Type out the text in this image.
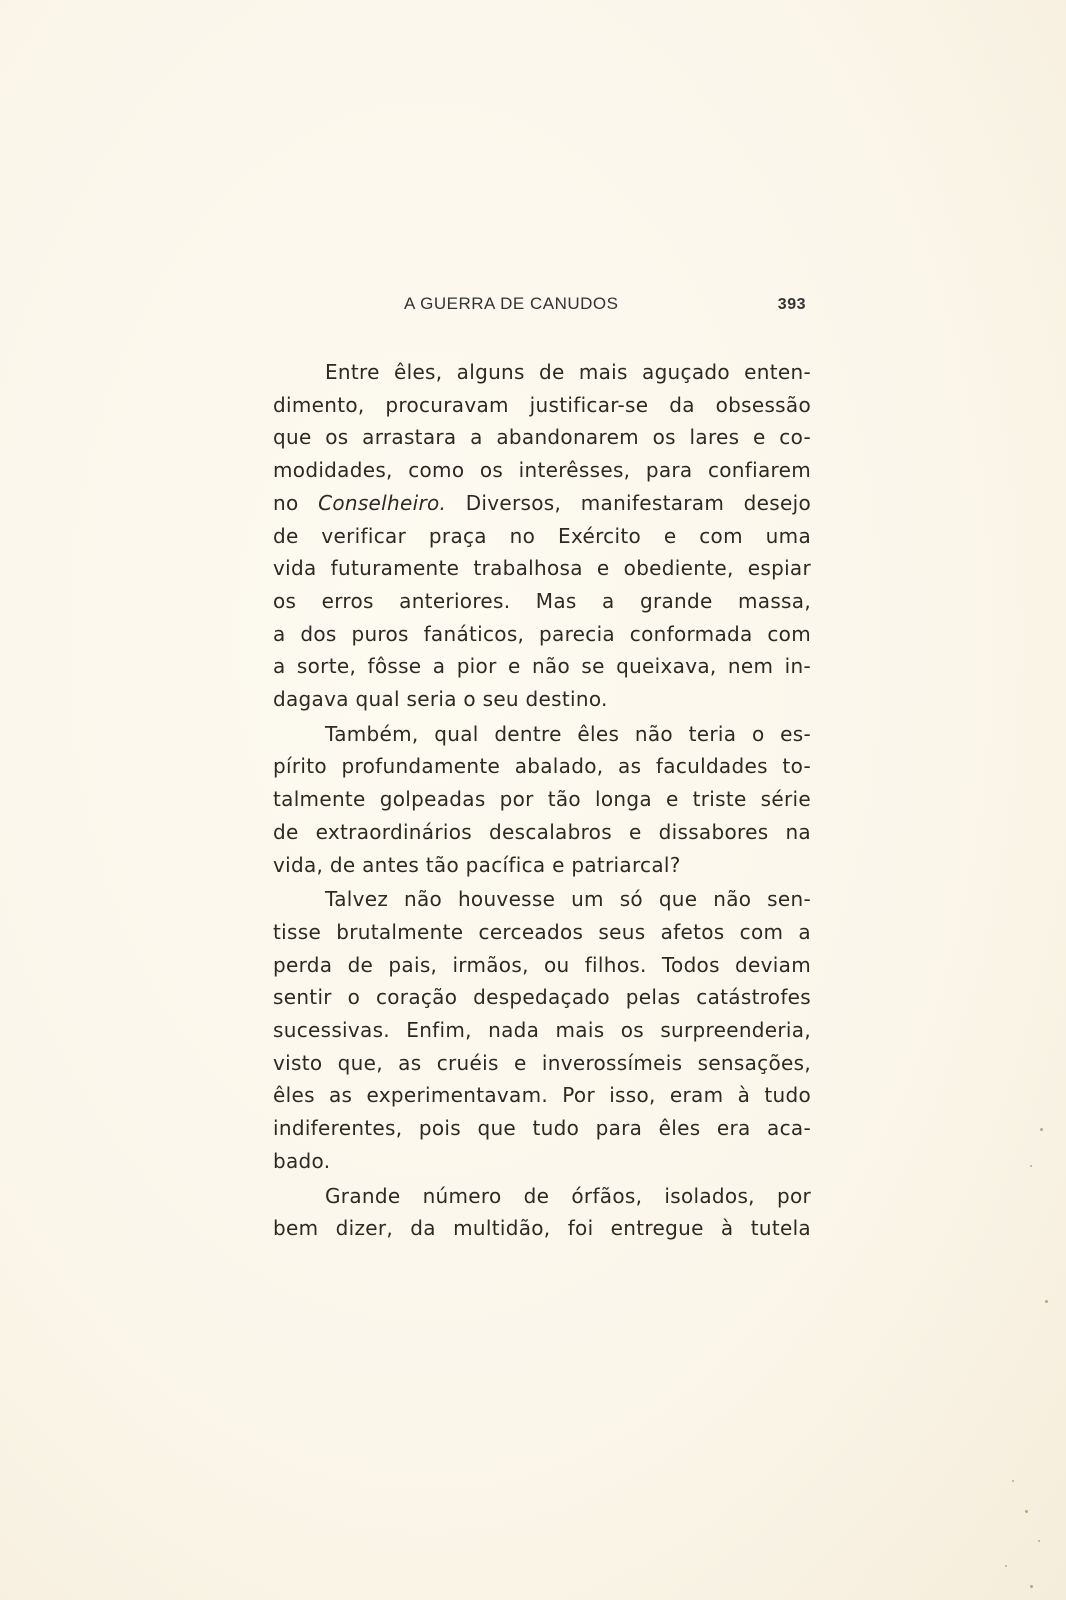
A GUERRA DE CANUDOS	393

Entre êles, alguns de mais aguçado enten-
dimento, procuravam justificar-se da obsessão
que os arrastara a abandonarem os lares e co-
modidades, como os interêsses, para confiarem
no Conselheiro. Diversos, manifestaram desejo
de verificar praça no Exército e com uma
vida futuramente trabalhosa e obediente, espiar
os erros anteriores. Mas a grande massa,
a dos puros fanáticos, parecia conformada com
a sorte, fôsse a pior e não se queixava, nem in-
dagava qual seria o seu destino.

Também, qual dentre êles não teria o es-
pírito profundamente abalado, as faculdades to-
talmente golpeadas por tão longa e triste série
de extraordinários descalabros e dissabores na
vida, de antes tão pacífica e patriarcal?

Talvez não houvesse um só que não sen-
tisse brutalmente cerceados seus afetos com a
perda de pais, irmãos, ou filhos. Todos deviam
sentir o coração despedaçado pelas catástrofes
sucessivas. Enfim, nada mais os surpreenderia,
visto que, as cruéis e inverossímeis sensações,
êles as experimentavam. Por isso, eram à tudo
indiferentes, pois que tudo para êles era aca-
bado.

Grande número de órfãos, isolados, por
bem dizer, da multidão, foi entregue à tutela
